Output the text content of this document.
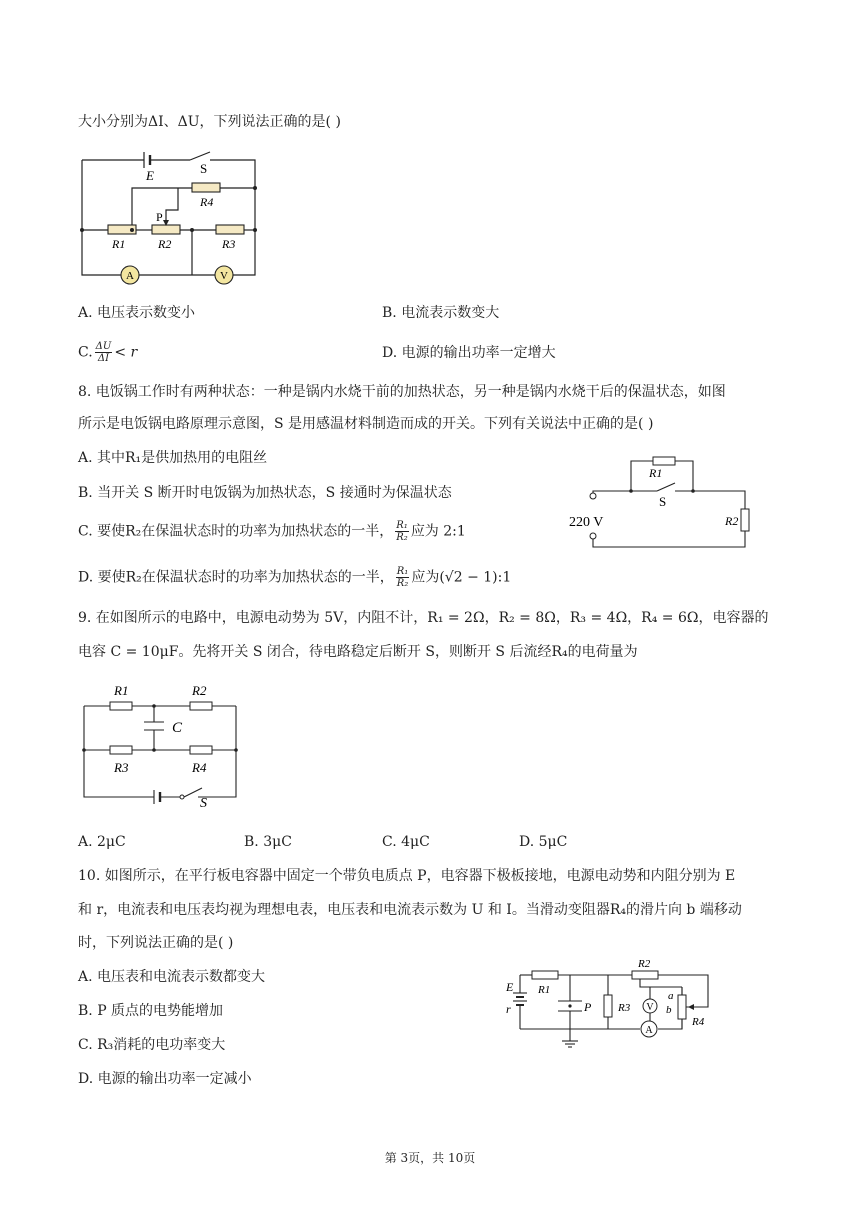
大小分别为ΔI、ΔU，下列说法正确的是( )
A	V
E	S
R4
P
R1	R2	R3
A. 电压表示数变小	B. 电流表示数变大
C. $\frac{\Delta U}{\Delta I} < r$	D. 电源的输出功率一定增大
8. 电饭锅工作时有两种状态：一种是锅内水烧干前的加热状态，另一种是锅内水烧干后的保温状态，如图
所示是电饭锅电路原理示意图，S 是用感温材料制造而成的开关。下列有关说法中正确的是( )
A. 其中R₁是供加热用的电阻丝
B. 当开关 S 断开时电饭锅为加热状态，S 接通时为保温状态
C. 要使R₂在保温状态时的功率为加热状态的一半， $\frac{\text{R₁}}{\text{R₂}}$ 应为 2:1
D. 要使R₂在保温状态时的功率为加热状态的一半， $\frac{\text{R₁}}{\text{R₂}}$ 应为(√2 − 1):1
R1
S
220 V	R2
9. 在如图所示的电路中，电源电动势为 5V，内阻不计，R₁ = 2Ω，R₂ = 8Ω，R₃ = 4Ω，R₄ = 6Ω，电容器的
电容 C = 10μF。先将开关 S 闭合，待电路稳定后断开 S，则断开 S 后流经R₄的电荷量为
R1	R2
C
R3	R4
S
A. 2μC	B. 3μC	C. 4μC	D. 5μC
10. 如图所示，在平行板电容器中固定一个带负电质点 P，电容器下极板接地，电源电动势和内阻分别为 E
和 r，电流表和电压表均视为理想电表，电压表和电流表示数为 U 和 I。当滑动变阻器R₄的滑片向 b 端移动
时，下列说法正确的是( )
A. 电压表和电流表示数都变大
B. P 质点的电势能增加
C. R₃消耗的电功率变大
D. 电源的输出功率一定减小
E
r
R1
P R3
R2
a
b
V
R4
A
第 3页，共 10页
